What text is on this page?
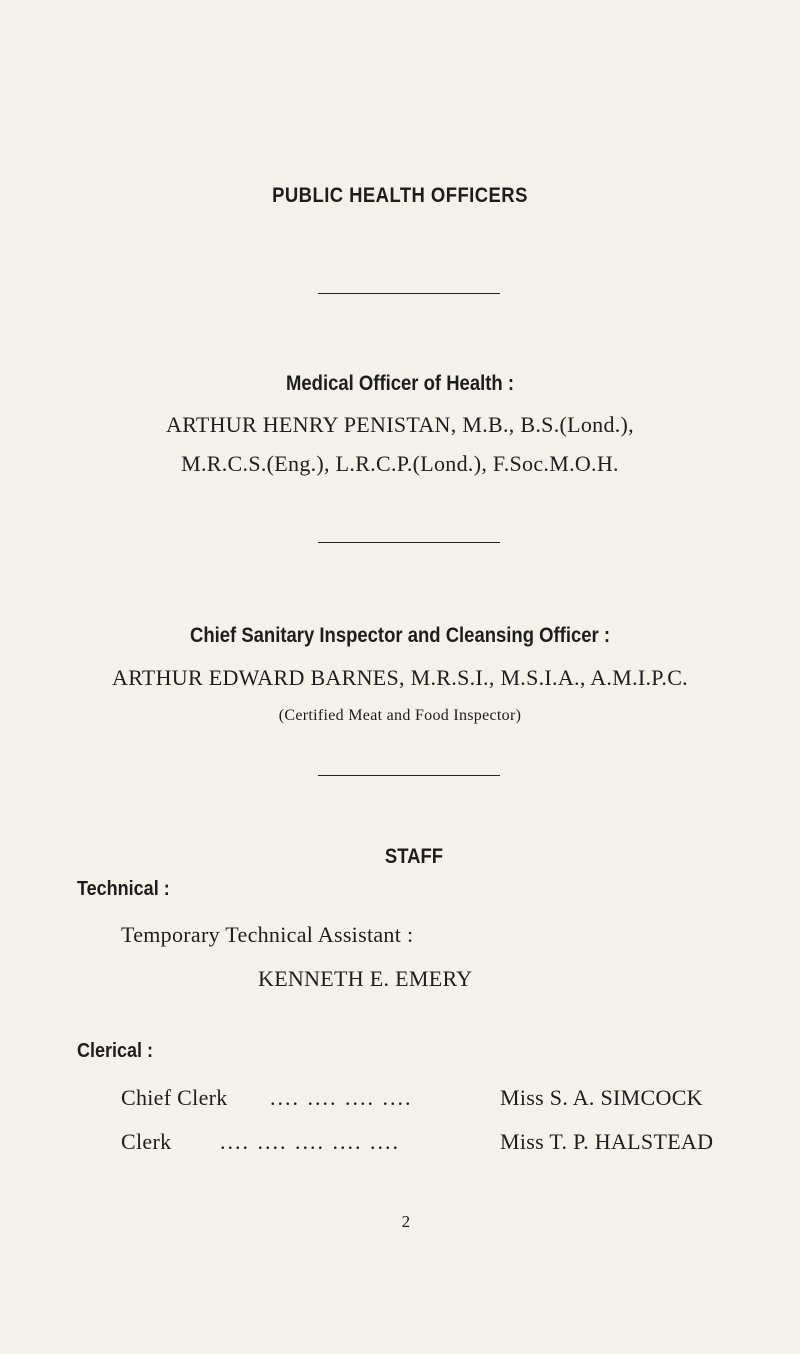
PUBLIC HEALTH OFFICERS
Medical Officer of Health :
ARTHUR HENRY PENISTAN, M.B., B.S.(Lond.),
M.R.C.S.(Eng.), L.R.C.P.(Lond.), F.Soc.M.O.H.
Chief Sanitary Inspector and Cleansing Officer :
ARTHUR EDWARD BARNES, M.R.S.I., M.S.I.A., A.M.I.P.C.
(Certified Meat and Food Inspector)
STAFF
Technical :
Temporary Technical Assistant :
KENNETH E. EMERY
Clerical :
Chief Clerk .... .... .... ....	Miss S. A. SIMCOCK
Clerk .... .... .... .... ....	Miss T. P. HALSTEAD
2
